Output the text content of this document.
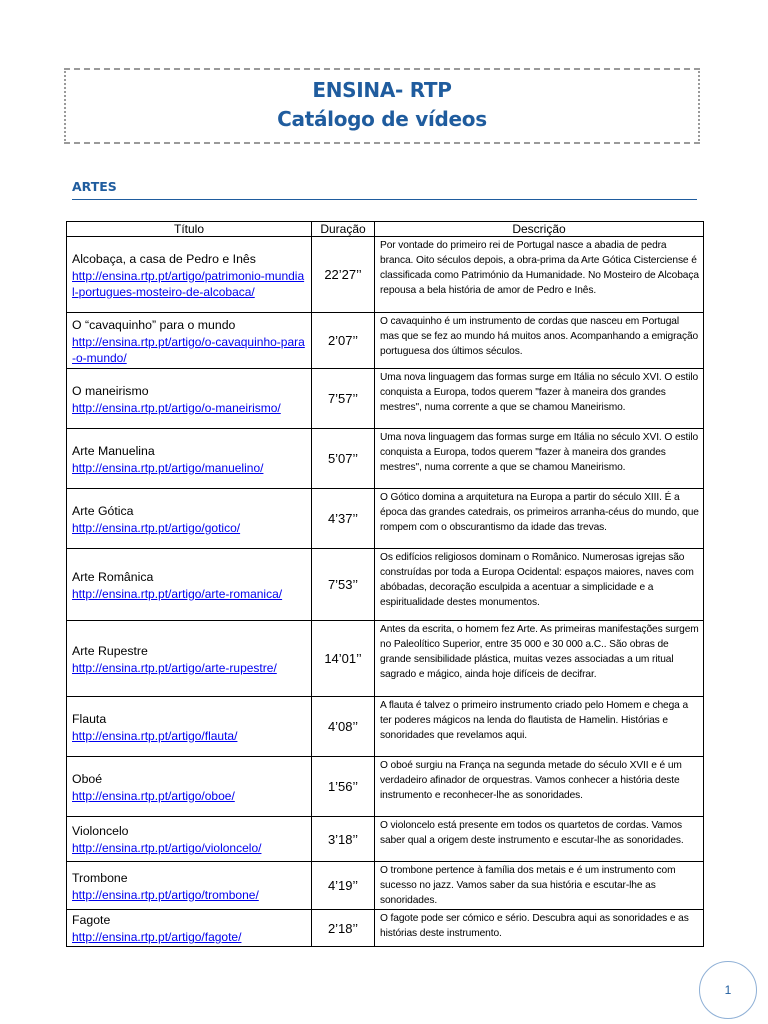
ENSINA- RTP
Catálogo de vídeos
ARTES
Título	Duração	Descrição

Alcobaça, a casa de Pedro e Inês
http://ensina.rtp.pt/artigo/patrimonio-mundial-portugues-mosteiro-de-alcobaca/	22’27’’	Por vontade do primeiro rei de Portugal nasce a abadia de pedra branca. Oito séculos depois, a obra-prima da Arte Gótica Cisterciense é classificada como Património da Humanidade. No Mosteiro de Alcobaça repousa a bela história de amor de Pedro e Inês.

O “cavaquinho” para o mundo
http://ensina.rtp.pt/artigo/o-cavaquinho-para-o-mundo/	2’07’’	O cavaquinho é um instrumento de cordas que nasceu em Portugal mas que se fez ao mundo há muitos anos. Acompanhando a emigração portuguesa dos últimos séculos.

O maneirismo
http://ensina.rtp.pt/artigo/o-maneirismo/	7’57’’	Uma nova linguagem das formas surge em Itália no século XVI. O estilo conquista a Europa, todos querem "fazer à maneira dos grandes mestres", numa corrente a que se chamou Maneirismo.

Arte Manuelina
http://ensina.rtp.pt/artigo/manuelino/	5’07’’	Uma nova linguagem das formas surge em Itália no século XVI. O estilo conquista a Europa, todos querem "fazer à maneira dos grandes mestres", numa corrente a que se chamou Maneirismo.

Arte Gótica
http://ensina.rtp.pt/artigo/gotico/	4’37’’	O Gótico domina a arquitetura na Europa a partir do século XIII. É a época das grandes catedrais, os primeiros arranha-céus do mundo, que rompem com o obscurantismo da idade das trevas.

Arte Românica
http://ensina.rtp.pt/artigo/arte-romanica/	7’53’’	Os edifícios religiosos dominam o Românico. Numerosas igrejas são construídas por toda a Europa Ocidental: espaços maiores, naves com abóbadas, decoração esculpida a acentuar a simplicidade e a espiritualidade destes monumentos.

Arte Rupestre
http://ensina.rtp.pt/artigo/arte-rupestre/	14’01’’	Antes da escrita, o homem fez Arte. As primeiras manifestações surgem no Paleolítico Superior, entre 35 000 e 30 000 a.C.. São obras de grande sensibilidade plástica, muitas vezes associadas a um ritual sagrado e mágico, ainda hoje difíceis de decifrar.

Flauta
http://ensina.rtp.pt/artigo/flauta/	4’08’’	A flauta é talvez o primeiro instrumento criado pelo Homem e chega a ter poderes mágicos na lenda do flautista de Hamelin. Histórias e sonoridades que revelamos aqui.

Oboé
http://ensina.rtp.pt/artigo/oboe/	1’56’’	O oboé surgiu na França na segunda metade do século XVII e é um verdadeiro afinador de orquestras. Vamos conhecer a história deste instrumento e reconhecer-lhe as sonoridades.

Violoncelo
http://ensina.rtp.pt/artigo/violoncelo/	3’18’’	O violoncelo está presente em todos os quartetos de cordas. Vamos saber qual a origem deste instrumento e escutar-lhe as sonoridades.

Trombone
http://ensina.rtp.pt/artigo/trombone/	4’19’’	O trombone pertence à família dos metais e é um instrumento com sucesso no jazz. Vamos saber da sua história e escutar-lhe as sonoridades.

Fagote
http://ensina.rtp.pt/artigo/fagote/	2’18’’	O fagote pode ser cómico e sério. Descubra aqui as sonoridades e as histórias deste instrumento.
1
